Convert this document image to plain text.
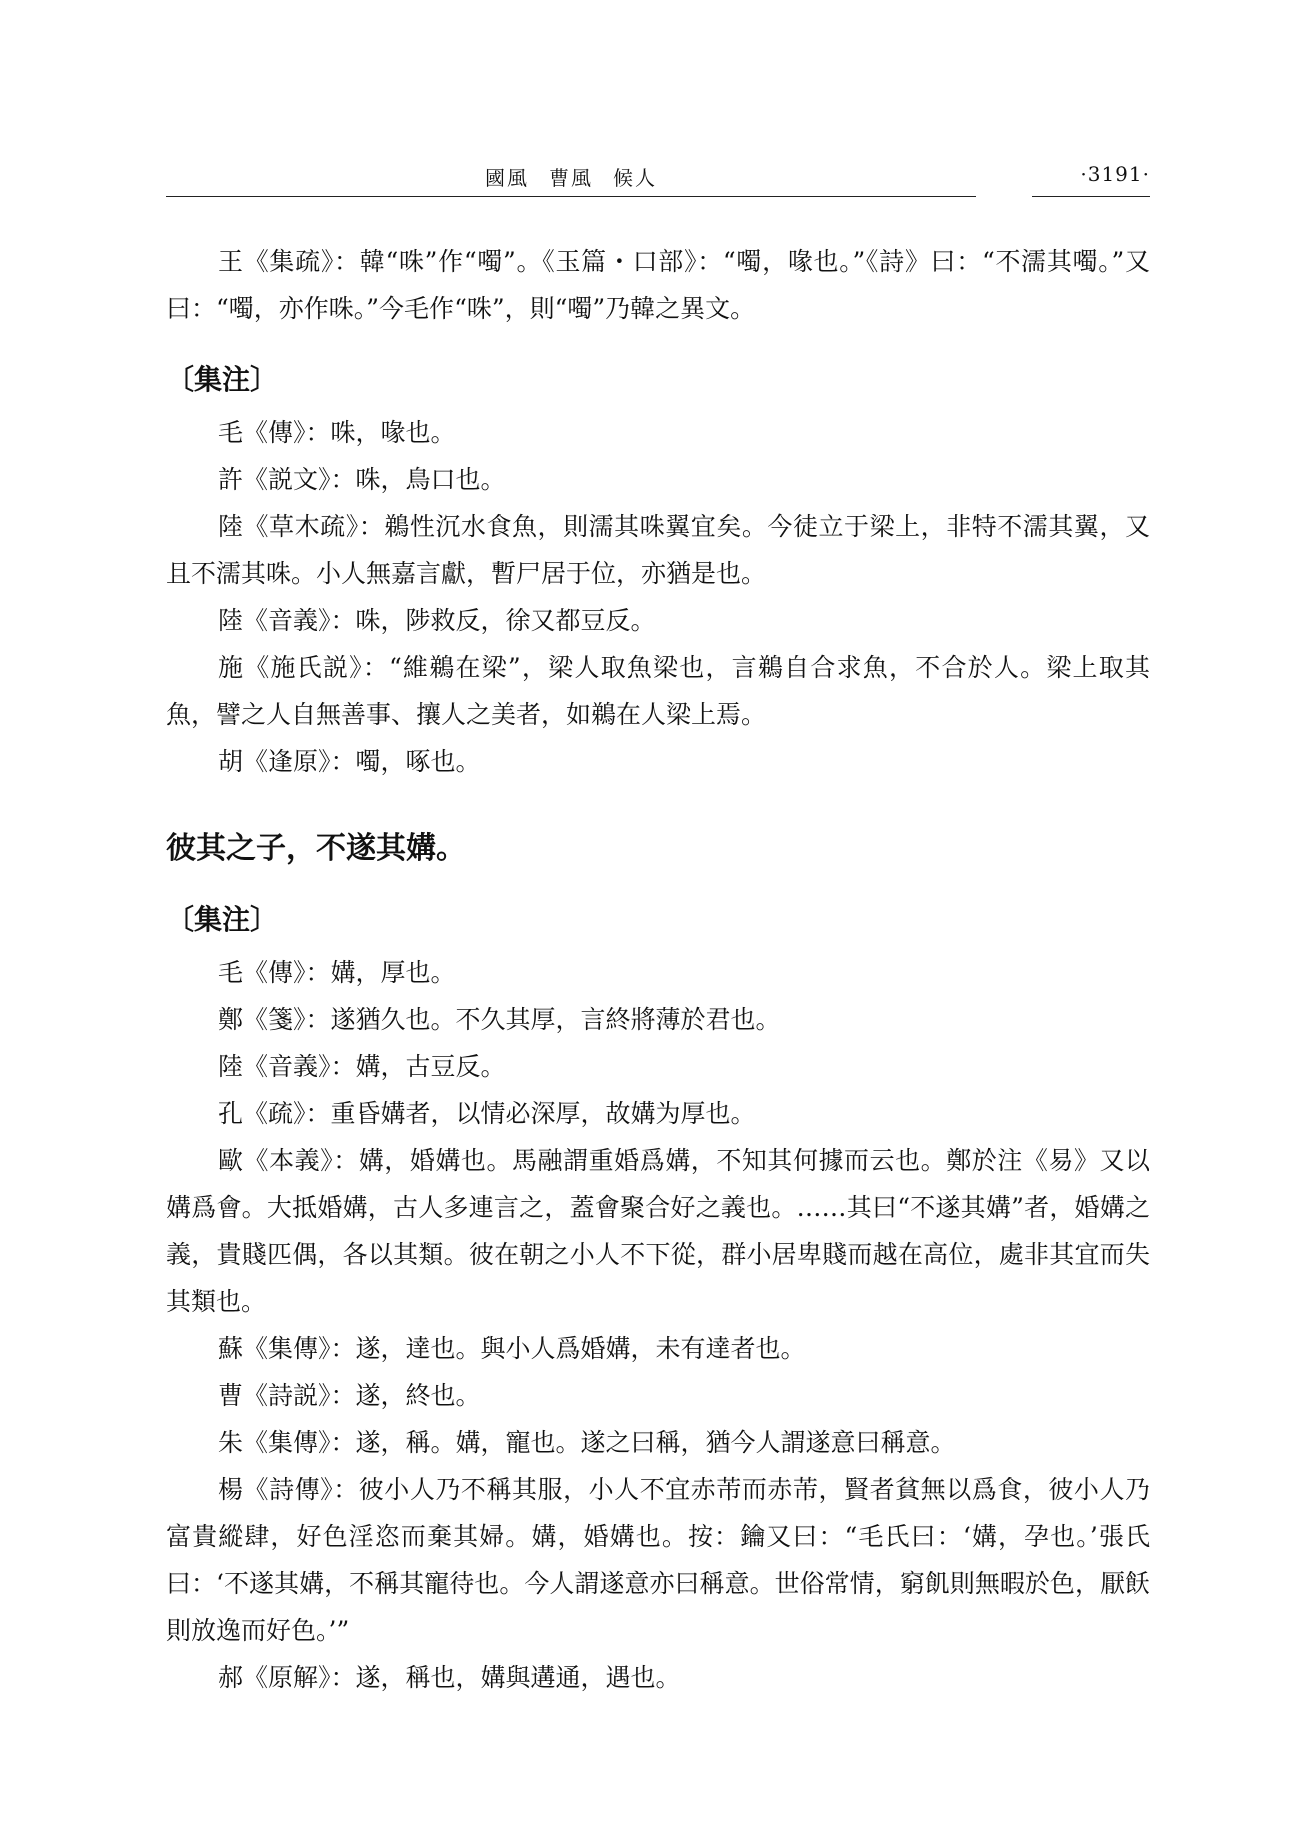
國風 曹風 候人	·3191·

王《集疏》：韓“咮”作“噣”。《玉篇・口部》：“噣，喙也。”《詩》曰：“不濡其噣。”又曰：“噣，亦作咮。”今毛作“咮”，則“噣”乃韓之異文。

〔集注〕

毛《傳》：咮，喙也。

許《説文》：咮，鳥口也。

陸《草木疏》：鵜性沉水食魚，則濡其咮翼宜矣。今徒立于梁上，非特不濡其翼，又且不濡其咮。小人無嘉言獻，暫尸居于位，亦猶是也。

陸《音義》：咮，陟救反，徐又都豆反。

施《施氏説》：“維鵜在梁”，梁人取魚梁也，言鵜自合求魚，不合於人。梁上取其魚，譬之人自無善事、攘人之美者，如鵜在人梁上焉。

胡《逢原》：噣，啄也。

彼其之子，不遂其媾。
〔集注〕

毛《傳》：媾，厚也。

鄭《箋》：遂猶久也。不久其厚，言終將薄於君也。

陸《音義》：媾，古豆反。

孔《疏》：重昏媾者，以情必深厚，故媾为厚也。

歐《本義》：媾，婚媾也。馬融謂重婚爲媾，不知其何據而云也。鄭於注《易》又以媾爲會。大抵婚媾，古人多連言之，蓋會聚合好之義也。……其曰“不遂其媾”者，婚媾之義，貴賤匹偶，各以其類。彼在朝之小人不下從，群小居卑賤而越在高位，處非其宜而失其類也。

蘇《集傳》：遂，達也。與小人爲婚媾，未有達者也。

曹《詩説》：遂，終也。

朱《集傳》：遂，稱。媾，寵也。遂之曰稱，猶今人謂遂意曰稱意。

楊《詩傳》：彼小人乃不稱其服，小人不宜赤芾而赤芾，賢者貧無以爲食，彼小人乃富貴縱肆，好色淫恣而棄其婦。媾，婚媾也。按：鑰又曰：“毛氏曰：‘媾，孕也。’張氏曰：‘不遂其媾，不稱其寵待也。今人謂遂意亦曰稱意。世俗常情，窮飢則無暇於色，厭飫則放逸而好色。’”

郝《原解》：遂，稱也，媾與遘通，遇也。
